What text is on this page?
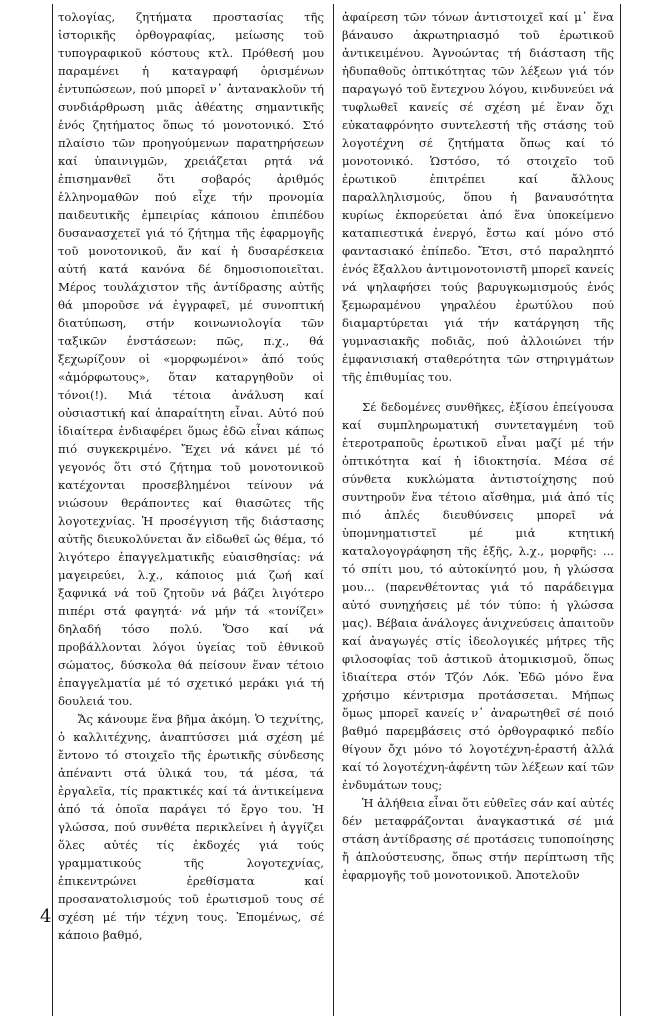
τολογίας, ζητήματα προστασίας τῆς ἱστορικῆς ὀρθογραφίας, μείωσης τοῦ τυπογραφικοῦ κόστους κτλ. Πρόθεσή μου παραμένει ἡ καταγραφή ὁρισμένων ἐντυπώσεων, πού μπορεῖ ν᾽ ἀντανακλοῦν τή συνδιάρθρωση μιᾶς ἀθέατης σημαντικῆς ἑνός ζητήματος ὅπως τό μονοτονικό. Στό πλαίσιο τῶν προηγούμενων παρατηρήσεων καί ὑπαινιγμῶν, χρειάζεται ρητά νά ἐπισημανθεῖ ὅτι σοβαρός ἀριθμός ἑλληνομαθῶν πού εἶχε τήν προνομία παιδευτικῆς ἐμπειρίας κάποιου ἐπιπέδου δυσανασχετεῖ γιά τό ζήτημα τῆς ἐφαρμογῆς τοῦ μονοτονικοῦ, ἄν καί ἡ δυσαρέσκεια αὐτή κατά κανόνα δέ δημοσιοποιεῖται. Μέρος τουλάχιστον τῆς ἀντίδρασης αὐτῆς θά μποροῦσε νά ἐγγραφεῖ, μέ συνοπτική διατύπωση, στήν κοινωνιολογία τῶν ταξικῶν ἐνστάσεων: πῶς, π.χ., θά ξεχωρίζουν οἱ «μορφωμένοι» ἀπό τούς «ἀμόρφωτους», ὅταν καταργηθοῦν οἱ τόνοι(!). Μιά τέτοια ἀνάλυση καί οὐσιαστική καί ἀπαραίτητη εἶναι. Αὐτό πού ἰδιαίτερα ἐνδιαφέρει ὅμως ἐδῶ εἶναι κάπως πιό συγκεκριμένο. Ἔχει νά κάνει μέ τό γεγονός ὅτι στό ζήτημα τοῦ μονοτονικοῦ κατέχονται προσεβλημένοι τείνουν νά νιώσουν θεράποντες καί θιασῶτες τῆς λογοτεχνίας. Ἡ προσέγγιση τῆς διάστασης αὐτῆς διευκολύνεται ἄν εἰδωθεῖ ὡς θέμα, τό λιγότερο ἐπαγγελματικῆς εὐαισθησίας: νά μαγειρεύει, λ.χ., κάποιος μιά ζωή καί ξαφνικά νά τοῦ ζητοῦν νά βάζει λιγότερο πιπέρι στά φαγητά· νά μήν τά «τονίζει» δηλαδή τόσο πολύ. Ὅσο καί νά προβάλλονται λόγοι ὑγείας τοῦ ἐθνικοῦ σώματος, δύσκολα θά πείσουν ἕναν τέτοιο ἐπαγγελματία μέ τό σχετικό μεράκι γιά τή δουλειά του.

Ἄς κάνουμε ἕνα βῆμα ἀκόμη. Ὁ τεχνίτης, ὁ καλλιτέχνης, ἀναπτύσσει μιά σχέση μέ ἔντονο τό στοιχεῖο τῆς ἐρωτικῆς σύνδεσης ἀπέναντι στά ὑλικά του, τά μέσα, τά ἐργαλεῖα, τίς πρακτικές καί τά ἀντικείμενα ἀπό τά ὁποῖα παράγει τό ἔργο του. Ἡ γλώσσα, πού συνθέτα περικλείνει ἡ ἀγγίζει ὅλες αὐτές τίς ἐκδοχές γιά τούς γραμματικούς τῆς λογοτεχνίας, ἐπικεντρώνει ἐρεθίσματα καί προσανατολισμούς τοῦ ἐρωτισμοῦ τους σέ σχέση μέ τήν τέχνη τους. Ἐπομένως, σέ κάποιο βαθμό,

ἀφαίρεση τῶν τόνων ἀντιστοιχεῖ καί μ᾽ ἕνα βάναυσο ἀκρωτηριασμό τοῦ ἐρωτικοῦ ἀντικειμένου. Ἀγνοώντας τή διάσταση τῆς ἡδυπαθοῦς ὀπτικότητας τῶν λέξεων γιά τόν παραγωγό τοῦ ἔντεχνου λόγου, κινδυνεύει νά τυφλωθεῖ κανείς σέ σχέση μέ ἕναν ὄχι εὐκαταφρόνητο συντελεστή τῆς στάσης τοῦ λογοτέχνη σέ ζητήματα ὅπως καί τό μονοτονικό. Ὡστόσο, τό στοιχεῖο τοῦ ἐρωτικοῦ ἐπιτρέπει καί ἄλλους παραλληλισμούς, ὅπου ἡ βαναυσότητα κυρίως ἐκπορεύεται ἀπό ἕνα ὑποκείμενο καταπιεστικά ἐνεργό, ἔστω καί μόνο στό φαντασιακό ἐπίπεδο. Ἔτσι, στό παραληπτό ἑνός ἔξαλλου ἀντιμονοτονιστῆ μπορεῖ κανείς νά ψηλαφήσει τούς βαρυγκωμισμούς ἑνός ξεμωραμένου γηραλέου ἐρωτύλου πού διαμαρτύρεται γιά τήν κατάργηση τῆς γυμνασιακῆς ποδιᾶς, πού ἀλλοιώνει τήν ἐμφανισιακή σταθερότητα τῶν στηριγμάτων τῆς ἐπιθυμίας του.

Σέ δεδομένες συνθῆκες, ἐξίσου ἐπείγουσα καί συμπληρωματική συντεταγμένη τοῦ ἑτεροτραποῦς ἐρωτικοῦ εἶναι μαζί μέ τήν ὀπτικότητα καί ἡ ἰδιοκτησία. Μέσα σέ σύνθετα κυκλώματα ἀντιστοίχησης πού συντηροῦν ἕνα τέτοιο αἴσθημα, μιά ἀπό τίς πιό ἁπλές διευθύνσεις μπορεῖ νά ὑπομνηματιστεῖ μέ μιά κτητική καταλογογράφηση τῆς ἑξῆς, λ.χ., μορφῆς: ... τό σπίτι μου, τό αὐτοκίνητό μου, ἡ γλώσσα μου... (παρενθέτοντας γιά τό παράδειγμα αὐτό συνηχήσεις μέ τόν τύπο: ἡ γλώσσα μας). Βέβαια ἀνάλογες ἀνιχνεύσεις ἀπαιτοῦν καί ἀναγωγές στίς ἰδεολογικές μήτρες τῆς φιλοσοφίας τοῦ ἀστικοῦ ἀτομικισμοῦ, ὅπως ἰδιαίτερα στόν Τζόν Λόκ. Ἐδῶ μόνο ἕνα χρήσιμο κέντρισμα προτάσσεται. Μήπως ὅμως μπορεῖ κανείς ν᾽ ἀναρωτηθεῖ σέ ποιό βαθμό παρεμβάσεις στό ὀρθογραφικό πεδίο θίγουν ὄχι μόνο τό λογοτέχνη-ἐραστή ἀλλά καί τό λογοτέχνη-ἀφέντη τῶν λέξεων καί τῶν ἐνδυμάτων τους;

Ἡ ἀλήθεια εἶναι ὅτι εὐθεῖες σάν καί αὐτές δέν μεταφράζονται ἀναγκαστικά σέ μιά στάση ἀντίδρασης σέ προτάσεις τυποποίησης ἤ ἁπλούστευσης, ὅπως στήν περίπτωση τῆς ἐφαρμογῆς τοῦ μονοτονικοῦ. Ἀποτελοῦν

4
